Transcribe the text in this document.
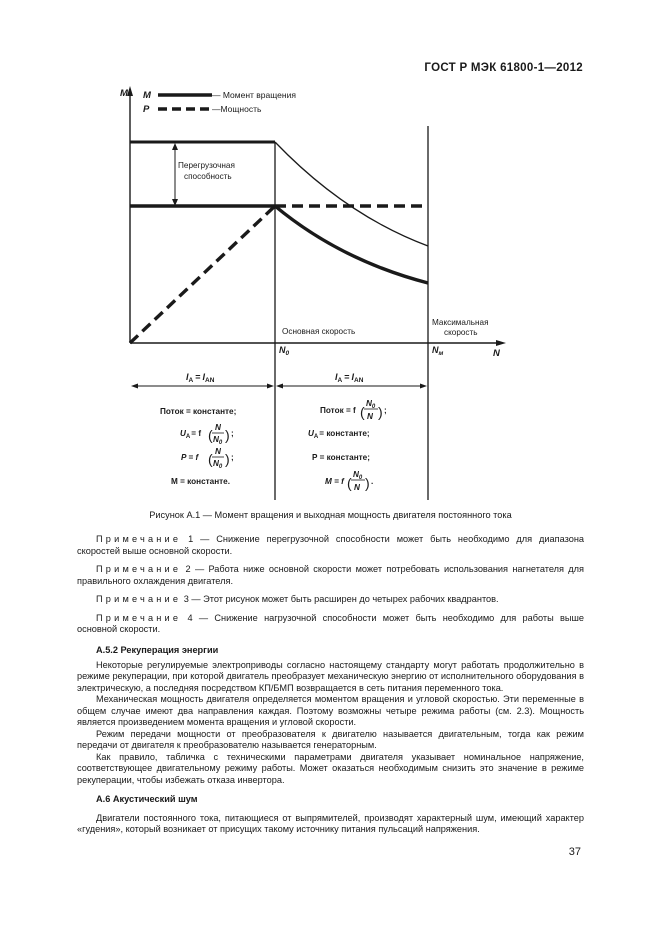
ГОСТ Р МЭК 61800-1—2012
M	— Момент вращения
P	—Мощность
Перегрузочная
способность
Основная скорость
Максимальная
скорость
$N_0$	$N_м$	N
M
$I_A = I_{AN}$	$I_A = I_{AN}$
Поток = константе;
$U_A= f$
N
$N_0$
( ) ;
P = f
N
$N_0$
( ) ;
M = константе.
Поток = f
$N_0$
N
( ) ;
$U_A=$ константе;
P = константе;
M = f
$N_0$
N
( ) .
Рисунок А.1 — Момент вращения и выходная мощность двигателя постоянного тока

Примечание 1 — Снижение перегрузочной способности может быть необходимо для диапазона скоростей выше основной скорости.

Примечание 2 — Работа ниже основной скорости может потребовать использования нагнетателя для правильного охлаждения двигателя.

Примечание 3 — Этот рисунок может быть расширен до четырех рабочих квадрантов.

Примечание 4 — Снижение нагрузочной способности может быть необходимо для работы выше основной скорости.

А.5.2 Рекуперация энергии

Некоторые регулируемые электроприводы согласно настоящему стандарту могут работать продолжительно в режиме рекуперации, при которой двигатель преобразует механическую энергию от исполнительного оборудования в электрическую, а последняя посредством КП/БМП возвращается в сеть питания переменного тока.

Механическая мощность двигателя определяется моментом вращения и угловой скоростью. Эти переменные в общем случае имеют два направления каждая. Поэтому возможны четыре режима работы (см. 2.3). Мощность является произведением момента вращения и угловой скорости.

Режим передачи мощности от преобразователя к двигателю называется двигательным, тогда как режим передачи от двигателя к преобразователю называется генераторным.

Как правило, табличка с техническими параметрами двигателя указывает номинальное напряжение, соответствующее двигательному режиму работы. Может оказаться необходимым снизить это значение в режиме рекуперации, чтобы избежать отказа инвертора.

А.6 Акустический шум

Двигатели постоянного тока, питающиеся от выпрямителей, производят характерный шум, имеющий характер «гудения», который возникает от присущих такому источнику питания пульсаций напряжения.

37
